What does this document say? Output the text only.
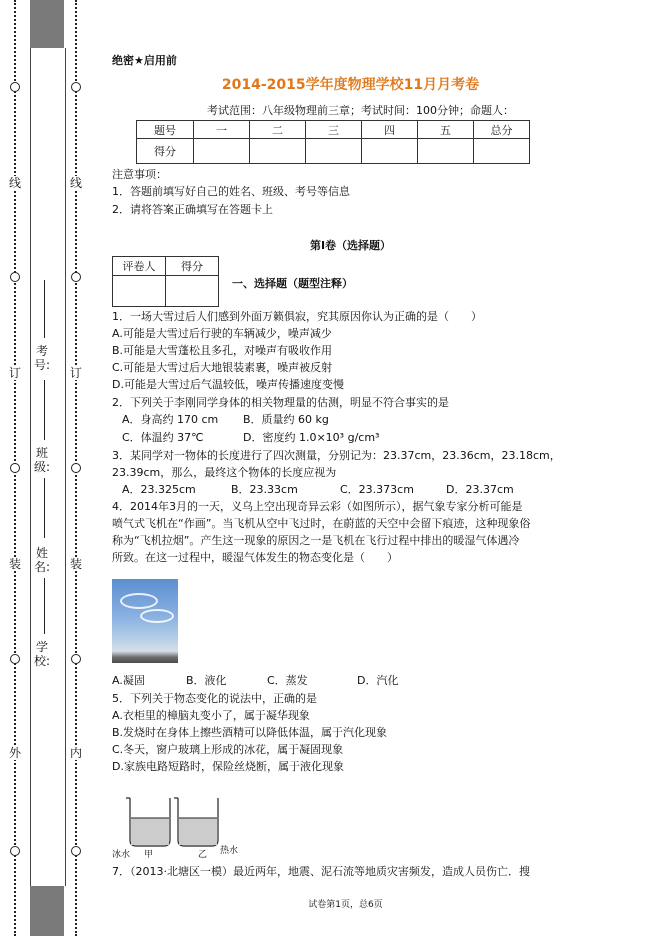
外
装
订
线
内
装
订
线
学校:
姓名:
班级:
考号:
绝密★启用前
2014-2015学年度物理学校11月月考卷
考试范围：八年级物理前三章；考试时间：100分钟；命题人：
题号	一	二	三	四	五	总分
得分						
注意事项：
1．答题前填写好自己的姓名、班级、考号等信息
2．请将答案正确填写在答题卡上
第Ⅰ卷（选择题）
评卷人	得分

一、选择题（题型注释）
1．一场大雪过后人们感到外面万籁俱寂，究其原因你认为正确的是（　　）
A.可能是大雪过后行驶的车辆减少，噪声减少
B.可能是大雪蓬松且多孔，对噪声有吸收作用
C.可能是大雪过后大地银装素裹，噪声被反射
D.可能是大雪过后气温较低，噪声传播速度变慢
2．下列关于李刚同学身体的相关物理量的估测，明显不符合事实的是
A．身高约 170 cm B．质量约 60 kg
C．体温约 37℃	D．密度约 1.0×10³ g/cm³
3．某同学对一物体的长度进行了四次测量，分别记为：23.37cm，23.36cm，23.18cm，
23.39cm，那么，最终这个物体的长度应视为
A．23.325cm	B．23.33cm	C．23.373cm	D．23.37cm
4．2014年3月的一天，义乌上空出现奇异云彩（如图所示），据气象专家分析可能是
喷气式飞机在“作画”。当飞机从空中飞过时，在蔚蓝的天空中会留下痕迹，这种现象俗
称为“飞机拉烟”。产生这一现象的原因之一是飞机在飞行过程中排出的暖湿气体遇冷
所致。在这一过程中，暖湿气体发生的物态变化是（　　）
A.凝固	B．液化	C．蒸发	D．汽化
5．下列关于物态变化的说法中，正确的是
A.衣柜里的樟脑丸变小了，属于凝华现象
B.发烧时在身体上擦些酒精可以降低体温，属于汽化现象
C.冬天，窗户玻璃上形成的冰花，属于凝固现象
D.家族电路短路时，保险丝烧断，属于液化现象
冰水 甲	乙 热水
7．（2013·北塘区一模）最近两年，地震、泥石流等地质灾害频发，造成人员伤亡．搜
试卷第1页，总6页
